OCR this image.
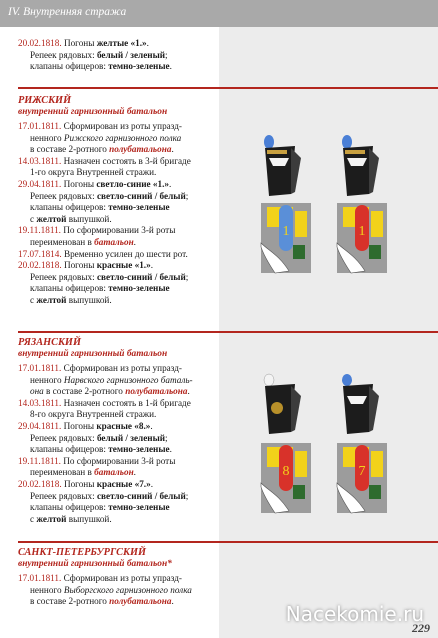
IV. Внутренняя стража
20.02.1818. Погоны желтые «1.».
Репеек рядовых: белый / зеленый;
клапаны офицеров: темно-зеленые.
РИЖСКИЙ
внутренний гарнизонный батальон
17.01.1811. Сформирован из роты упразд-
ненного Рижского гарнизонного полка
в составе 2-ротного полубатальона.
14.03.1811. Назначен состоять в 3-й бригаде
1-го округа Внутренней стражи.
29.04.1811. Погоны светло-синие «1.».
Репеек рядовых: светло-синий / белый;
клапаны офицеров: темно-зеленые
с желтой выпушкой.
19.11.1811. По сформировании 3-й роты
переименован в батальон.
17.07.1814. Временно усилен до шести рот.
20.02.1818. Погоны красные «1.».
Репеек рядовых: светло-синий / белый;
клапаны офицеров: темно-зеленые
с желтой выпушкой.
РЯЗАНСКИЙ
внутренний гарнизонный батальон
17.01.1811. Сформирован из роты упразд-
ненного Нарвского гарнизонного баталь-
она в составе 2-ротного полубатальона.
14.03.1811. Назначен состоять в 1-й бригаде
8-го округа Внутренней стражи.
29.04.1811. Погоны красные «8.».
Репеек рядовых: белый / зеленый;
клапаны офицеров: темно-зеленые.
19.11.1811. По сформировании 3-й роты
переименован в батальон.
20.02.1818. Погоны красные «7.».
Репеек рядовых: светло-синий / белый;
клапаны офицеров: темно-зеленые
с желтой выпушкой.
САНКТ-ПЕТЕРБУРГСКИЙ
внутренний гарнизонный батальон*
17.01.1811. Сформирован из роты упразд-
ненного Выборгского гарнизонного полка
в составе 2-ротного полубатальона.
1	1
8	7
Nacekomie.ru
229
